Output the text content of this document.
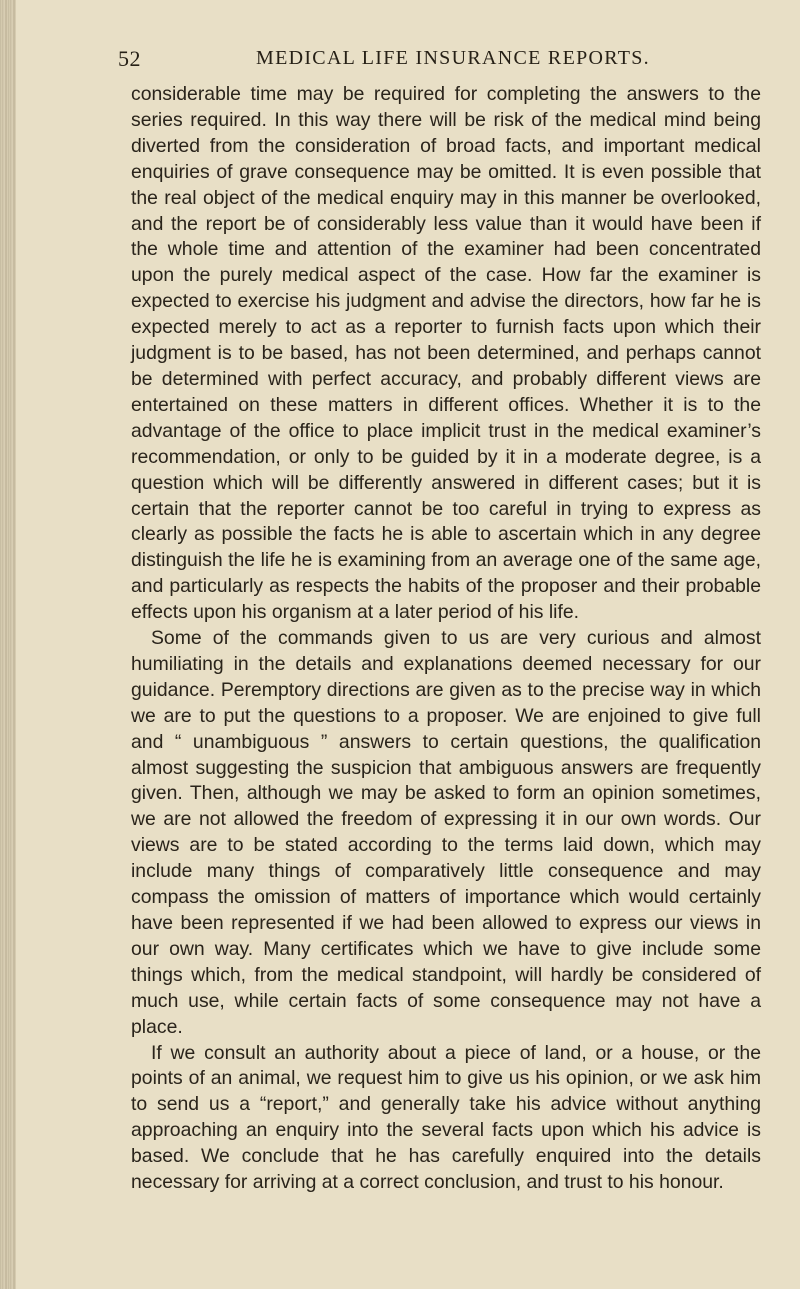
52	MEDICAL LIFE INSURANCE REPORTS.

considerable time may be required for completing the answers to the series required. In this way there will be risk of the medical mind being diverted from the consideration of broad facts, and important medical enquiries of grave consequence may be omitted. It is even possible that the real object of the medical enquiry may in this manner be overlooked, and the report be of considerably less value than it would have been if the whole time and attention of the examiner had been concentrated upon the purely medical aspect of the case. How far the examiner is expected to exercise his judgment and advise the directors, how far he is expected merely to act as a reporter to furnish facts upon which their judgment is to be based, has not been determined, and perhaps cannot be determined with perfect accuracy, and probably different views are entertained on these matters in different offices. Whether it is to the advantage of the office to place implicit trust in the medical examiner’s recommendation, or only to be guided by it in a moderate degree, is a question which will be differently answered in different cases; but it is certain that the reporter cannot be too careful in trying to express as clearly as possible the facts he is able to ascertain which in any degree distinguish the life he is examining from an average one of the same age, and particularly as respects the habits of the proposer and their probable effects upon his organism at a later period of his life.

Some of the commands given to us are very curious and almost humiliating in the details and explanations deemed necessary for our guidance. Peremptory directions are given as to the precise way in which we are to put the questions to a proposer. We are enjoined to give full and “ unambiguous ” answers to certain questions, the qualification almost suggesting the suspicion that ambiguous answers are frequently given. Then, although we may be asked to form an opinion sometimes, we are not allowed the freedom of expressing it in our own words. Our views are to be stated according to the terms laid down, which may include many things of comparatively little consequence and may compass the omission of matters of importance which would certainly have been represented if we had been allowed to express our views in our own way. Many certificates which we have to give include some things which, from the medical standpoint, will hardly be considered of much use, while certain facts of some consequence may not have a place.

If we consult an authority about a piece of land, or a house, or the points of an animal, we request him to give us his opinion, or we ask him to send us a “report,” and generally take his advice without anything approaching an enquiry into the several facts upon which his advice is based. We conclude that he has carefully enquired into the details necessary for arriving at a correct conclusion, and trust to his honour.
